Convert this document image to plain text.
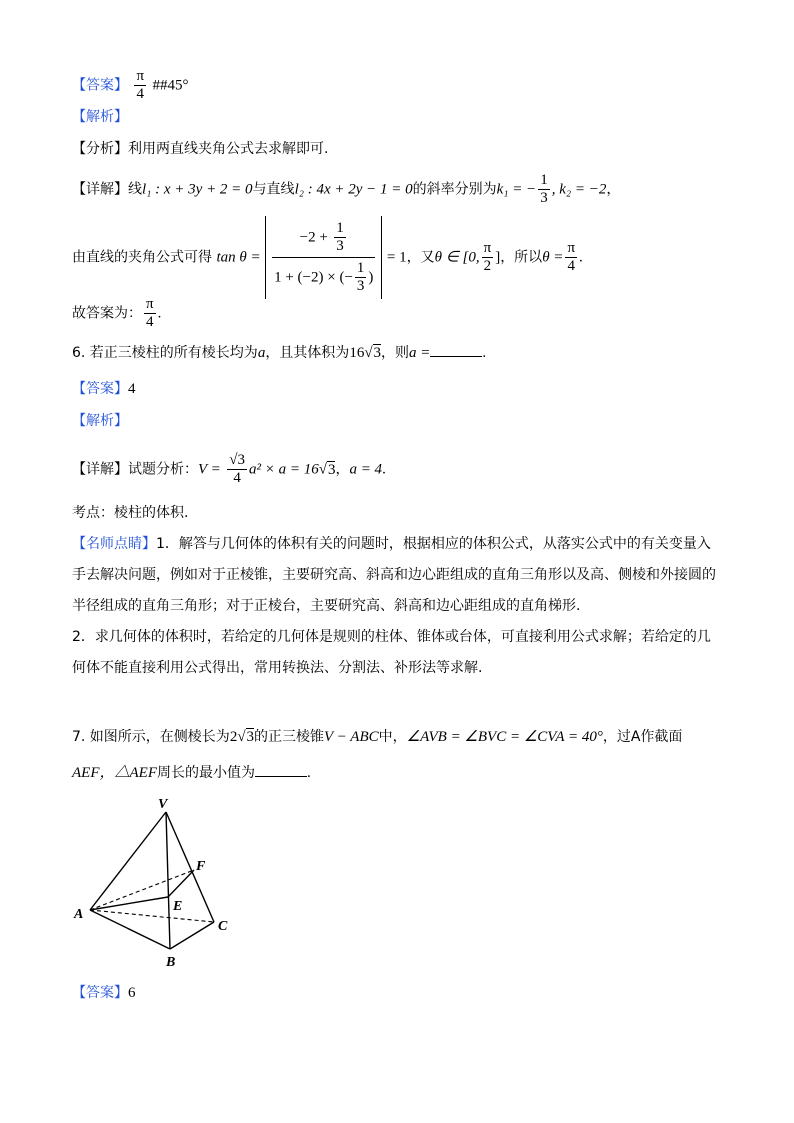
【答案】 $\frac{\pi}{4}$ ##45°
【解析】
【分析】利用两直线夹角公式去求解即可.
【详解】线l₁ : x + 3y + 2 = 0与直线l₂ : 4x + 2y − 1 = 0的斜率分别为k₁ = − $\frac{1}{3}$ , k₂ = −2，
由直线的夹角公式可得 $\tan \theta = \frac{-2 + \frac{1}{3}}{1 + (-2) \times (- \frac{1}{3} )} = 1$，又θ ∈ [0, $\frac{\pi}{2}$ ]，所以$\theta = \frac{\pi}{4}$ .
故答案为： $\frac{\pi}{4}$ .
6. 若正三棱柱的所有棱长均为a，且其体积为16√3，则a =	.
【答案】4
【解析】
【详解】试题分析：$V = \frac{√3}{4} a^2 \times a = 16√3$，a = 4.
考点：棱柱的体积.
【名师点睛】1．解答与几何体的体积有关的问题时，根据相应的体积公式，从落实公式中的有关变量入
手去解决问题，例如对于正棱锥，主要研究高、斜高和边心距组成的直角三角形以及高、侧棱和外接圆的
半径组成的直角三角形；对于正棱台，主要研究高、斜高和边心距组成的直角梯形.
2．求几何体的体积时，若给定的几何体是规则的柱体、锥体或台体，可直接利用公式求解；若给定的几
何体不能直接利用公式得出，常用转换法、分割法、补形法等求解.
7. 如图所示，在侧棱长为2√3的正三棱锥V − ABC中，∠AVB = ∠BVC = ∠CVA = 40°，过A作截面
AEF，△AEF周长的最小值为	.
V
F
E
A
C
B
【答案】6
